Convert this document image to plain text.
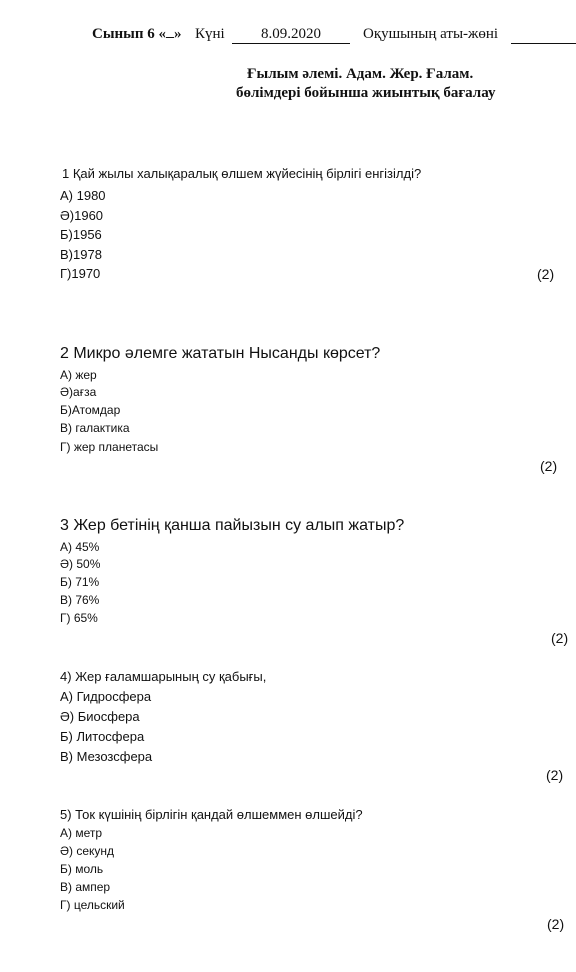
Сынып 6 « » Күні	8.09.2020	Оқушының аты-жөні
Ғылым әлемі. Адам. Жер. Ғалам.
бөлімдері бойынша жиынтық бағалау
1 Қай жылы халықаралық өлшем жүйесінің бірлігі енгізілді?
A) 1980
Ә)1960
Б)1956
В)1978
Г)1970	(2)
2 Микро әлемге жататын Нысанды көрсет?
А) жер
Ә)ағза
Б)Атомдар
В) галактика
Г) жер планетасы
(2)
3 Жер бетінің қанша пайызын су алып жатыр?
А) 45%
Ә) 50%
Б) 71%
В) 76%
Г) 65%
(2)
4) Жер ғаламшарының су қабығы,
А) Гидросфера
Ә) Биосфера
Б) Литосфера
В) Мезозсфера
(2)
5) Ток күшінің бірлігін қандай өлшеммен өлшейді?
А) метр
Ә) секунд
Б) моль
В) ампер
Г) цельский
(2)
